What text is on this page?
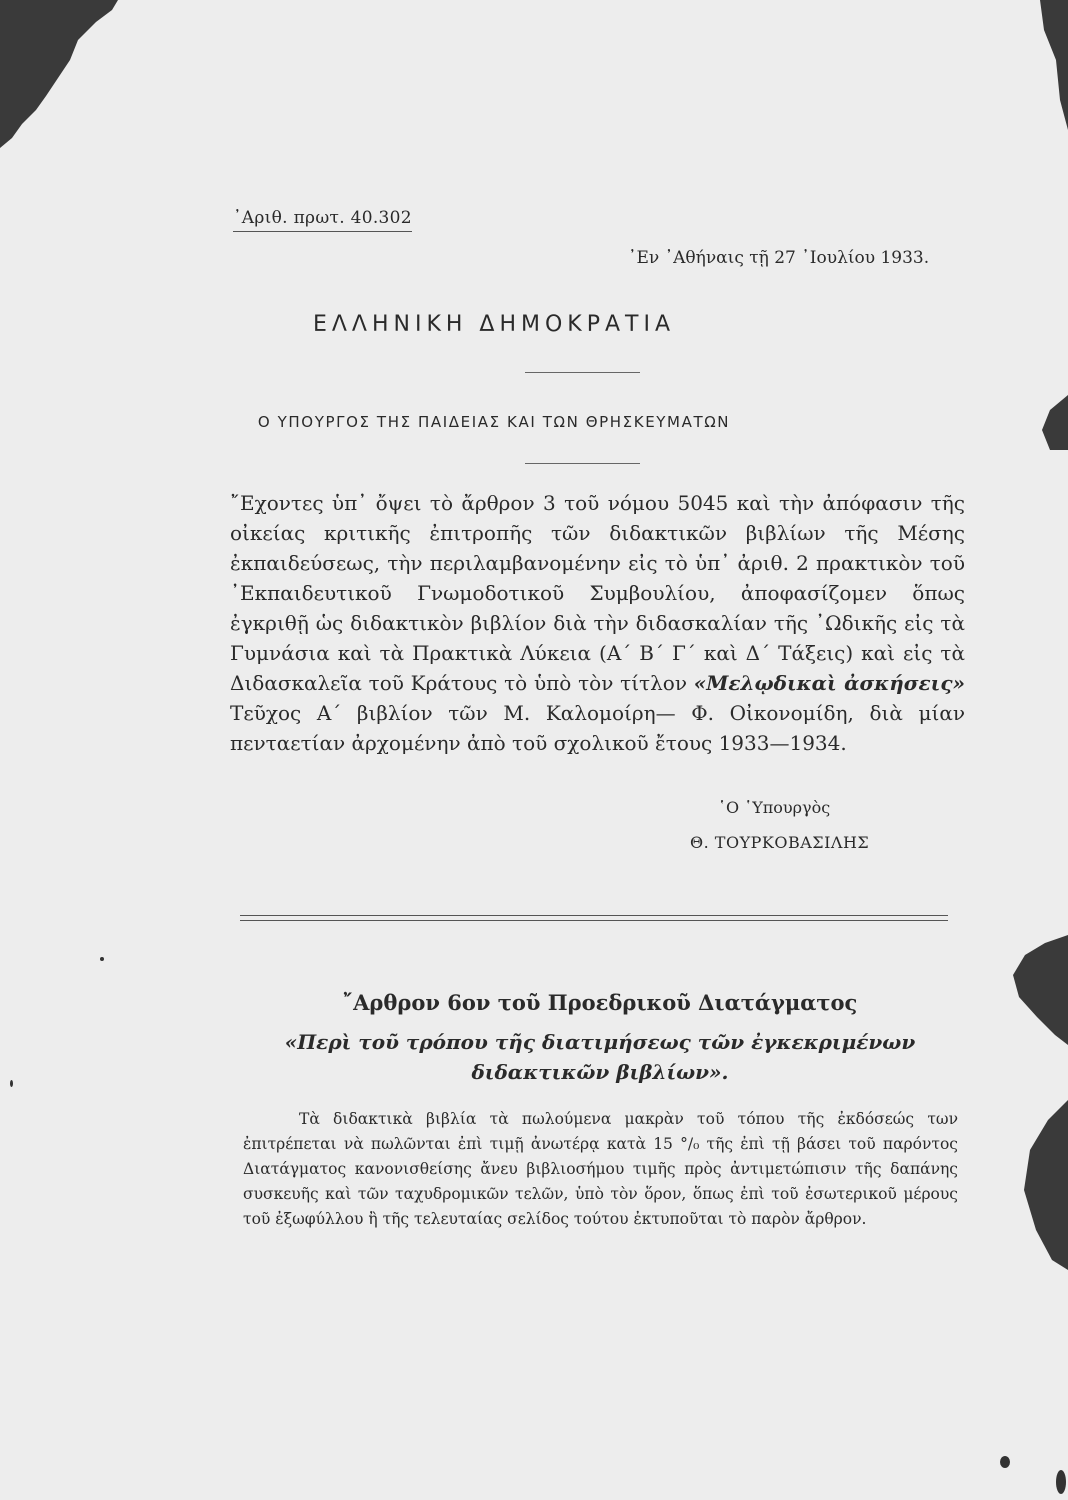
᾿Αριθ. πρωτ. 40.302

᾿Εν ᾿Αθήναις τῇ 27 ᾿Ιουλίου 1933.

ΕΛΛΗΝΙΚΗ ΔΗΜΟΚΡΑΤΙΑ

Ο ΥΠΟΥΡΓΟΣ ΤΗΣ ΠΑΙΔΕΙΑΣ ΚΑΙ ΤΩΝ ΘΡΗΣΚΕΥΜΑΤΩΝ

῎Εχοντες ὑπ᾿ ὄψει τὸ ἄρθρον 3 τοῦ νόμου 5045 καὶ τὴν ἀπόφασιν τῆς οἰκείας κριτικῆς ἐπιτροπῆς τῶν διδακτικῶν βιβλίων τῆς Μέσης ἐκπαιδεύσεως, τὴν περιλαμβανομένην εἰς τὸ ὑπ᾿ ἀριθ. 2 πρακτικὸν τοῦ ᾿Εκπαιδευτικοῦ Γνωμοδοτικοῦ Συμβουλίου, ἀποφασίζομεν ὅπως ἐγκριθῇ ὡς διδακτικὸν βιβλίον διὰ τὴν διδασκαλίαν τῆς ᾿Ωδικῆς εἰς τὰ Γυμνάσια καὶ τὰ Πρακτικὰ Λύκεια (Α΄ Β΄ Γ΄ καὶ Δ΄ Τάξεις) καὶ εἰς τὰ Διδασκαλεῖα τοῦ Κράτους τὸ ὑπὸ τὸν τίτλον «Μελῳδικαὶ ἀσκήσεις» Τεῦχος Α΄ βιβλίον τῶν Μ. Καλομοίρη— Φ. Οἰκονομίδη, διὰ μίαν πενταετίαν ἀρχομένην ἀπὸ τοῦ σχολικοῦ ἔτους 1933—1934.

῾Ο ῾Υπουργὸς

Θ. ΤΟΥΡΚΟΒΑΣΙΛΗΣ

῎Αρθρον 6ον τοῦ Προεδρικοῦ Διατάγματος

«Περὶ τοῦ τρόπου τῆς διατιμήσεως τῶν ἐγκεκριμένων διδακτικῶν βιβλίων».

Τὰ διδακτικὰ βιβλία τὰ πωλούμενα μακρὰν τοῦ τόπου τῆς ἐκδόσεώς των ἐπιτρέπεται νὰ πωλῶνται ἐπὶ τιμῇ ἀνωτέρᾳ κατὰ 15 °/₀ τῆς ἐπὶ τῇ βάσει τοῦ παρόντος Διατάγματος κανονισθείσης ἄνευ βιβλιοσήμου τιμῆς πρὸς ἀντιμετώπισιν τῆς δαπάνης συσκευῆς καὶ τῶν ταχυδρομικῶν τελῶν, ὑπὸ τὸν ὅρον, ὅπως ἐπὶ τοῦ ἐσωτερικοῦ μέρους τοῦ ἐξωφύλλου ἢ τῆς τελευταίας σελίδος τούτου ἐκτυποῦται τὸ παρὸν ἄρθρον.
